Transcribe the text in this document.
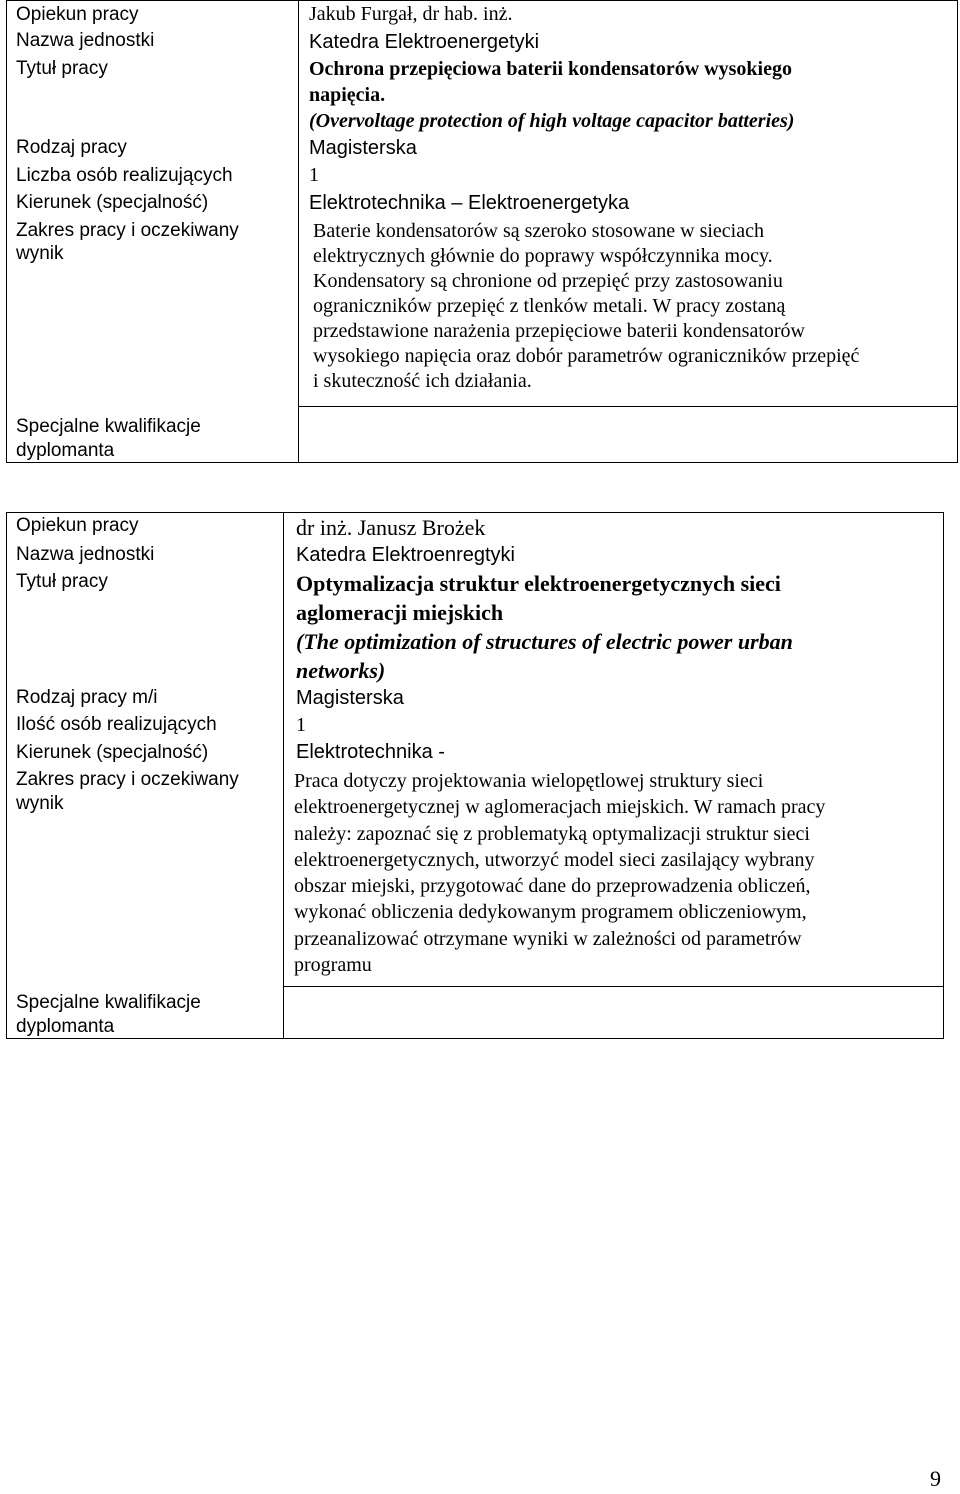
Opiekun pracy
Nazwa jednostki
Tytuł pracy
Rodzaj pracy
Liczba osób realizujących
Kierunek (specjalność)
Zakres pracy i oczekiwany
wynik
Specjalne kwalifikacje
dyplomanta
Jakub Furgał, dr hab. inż.
Katedra Elektroenergetyki
Ochrona przepięciowa baterii kondensatorów wysokiego
napięcia.
(Overvoltage protection of high voltage capacitor batteries)
Magisterska
1
Elektrotechnika – Elektroenergetyka
Baterie kondensatorów są szeroko stosowane w sieciach
elektrycznych głównie do poprawy współczynnika mocy.
Kondensatory są chronione od przepięć przy zastosowaniu
ograniczników przepięć z tlenków metali. W pracy zostaną
przedstawione narażenia przepięciowe baterii kondensatorów
wysokiego napięcia oraz dobór parametrów ograniczników przepięć
i skuteczność ich działania.
Opiekun pracy
Nazwa jednostki
Tytuł pracy
Rodzaj pracy m/i
Ilość osób realizujących
Kierunek (specjalność)
Zakres pracy i oczekiwany
wynik
Specjalne kwalifikacje
dyplomanta
dr inż. Janusz Brożek
Katedra Elektroenregtyki
Optymalizacja struktur elektroenergetycznych sieci
aglomeracji miejskich
(The optimization of structures of electric power urban
networks)
Magisterska
1
Elektrotechnika -
Praca dotyczy projektowania wielopętlowej struktury sieci
elektroenergetycznej w aglomeracjach miejskich. W ramach pracy
należy: zapoznać się z problematyką optymalizacji struktur sieci
elektroenergetycznych, utworzyć model sieci zasilający wybrany
obszar miejski, przygotować dane do przeprowadzenia obliczeń,
wykonać obliczenia dedykowanym programem obliczeniowym,
przeanalizować otrzymane wyniki w zależności od parametrów
programu
9
